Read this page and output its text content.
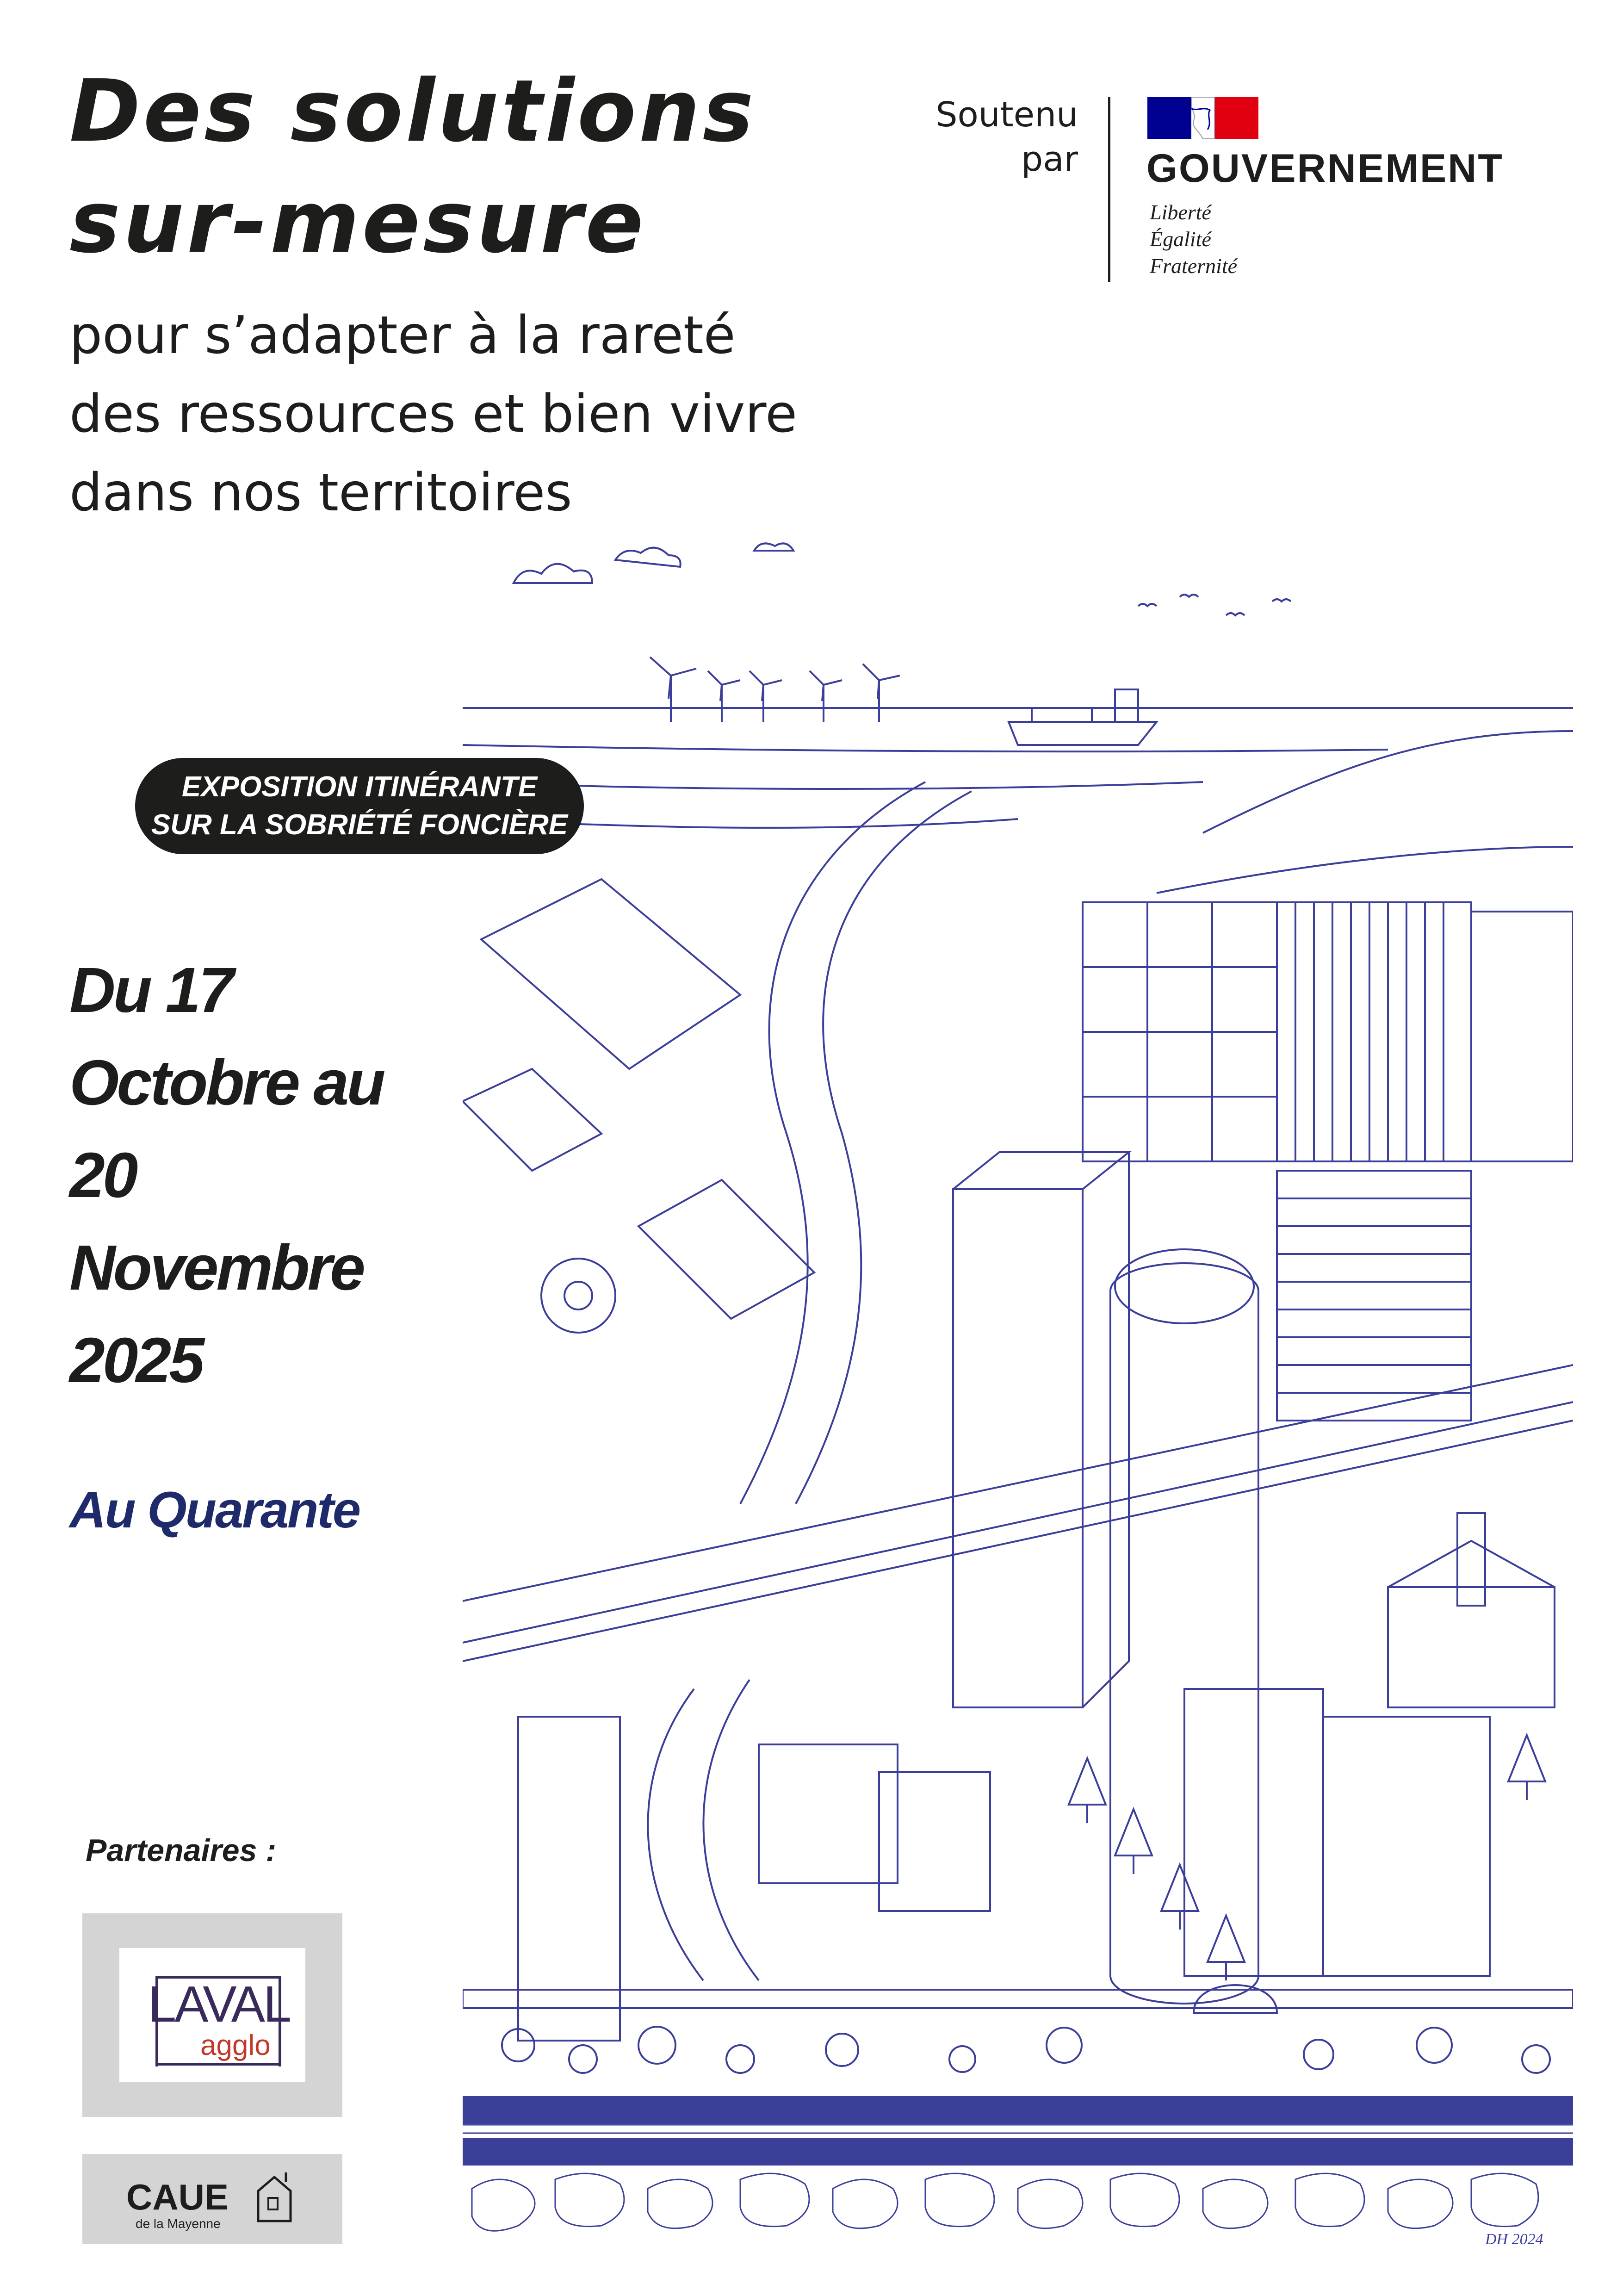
Des solutions
sur-mesure
pour s’adapter à la rareté
des ressources et bien vivre
dans nos territoires
Soutenu
par GOUVERNEMENT
Liberté
Égalité
Fraternité
DH 2024
EXPOSITION ITINÉRANTE
SUR LA SOBRIÉTÉ FONCIÈRE
Du 17
Octobre au
20
Novembre
2025
Au Quarante
Partenaires :
LAVAL
agglo
CAUE
de la Mayenne
